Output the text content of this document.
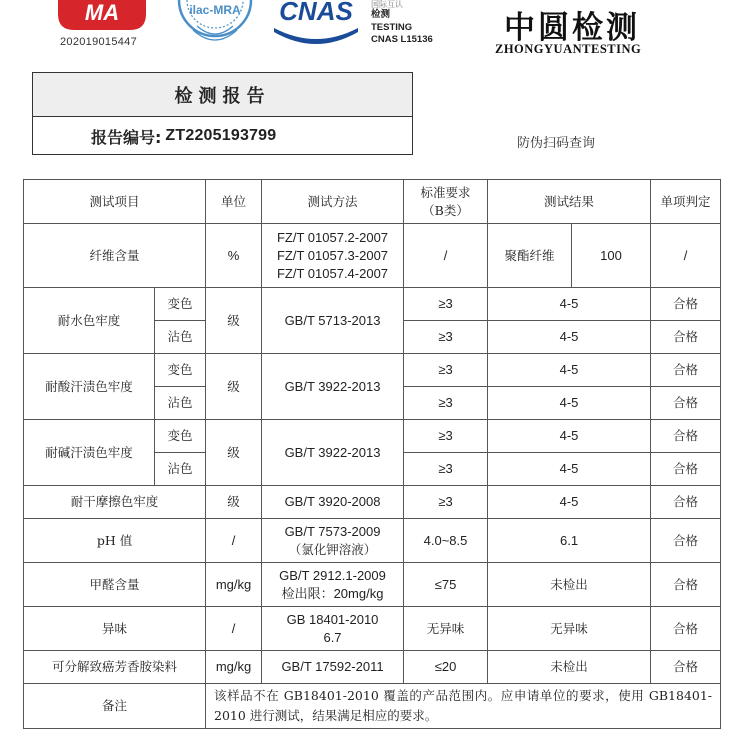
MA
202019015447
ilac-MRA CNAS 国际互认
检测
TESTING
CNAS L15136 中圆检测
ZHONGYUANTESTING
检测报告
报告编号: ZT2205193799	防伪扫码查询
测试项目		单位	测试方法	标准要求
（B类）	测试结果		单项判定
纤维含量		%	FZ/T 01057.2-2007
FZ/T 01057.3-2007
FZ/T 01057.4-2007	/	聚酯纤维	100	/
耐水色牢度	变色	级	GB/T 5713-2013	≥3	4-5		合格
	沾色			≥3	4-5		合格
耐酸汗渍色牢度	变色	级	GB/T 3922-2013	≥3	4-5		合格
	沾色			≥3	4-5		合格
耐碱汗渍色牢度	变色	级	GB/T 3922-2013	≥3	4-5		合格
	沾色			≥3	4-5		合格
耐干摩擦色牢度		级	GB/T 3920-2008	≥3	4-5		合格
pH 值		/	GB/T 7573-2009
（氯化钾溶液）	4.0~8.5	6.1		合格
甲醛含量		mg/kg	GB/T 2912.1-2009
检出限：20mg/kg	≤75	未检出		合格
异味		/	GB 18401-2010
6.7	无异味	无异味		合格
可分解致癌芳香胺染料		mg/kg	GB/T 17592-2011	≤20	未检出		合格
备注		该样品不在 GB18401-2010 覆盖的产品范围内。应申请单位的要求，使用 GB18401-2010 进行测试，结果满足相应的要求。					
